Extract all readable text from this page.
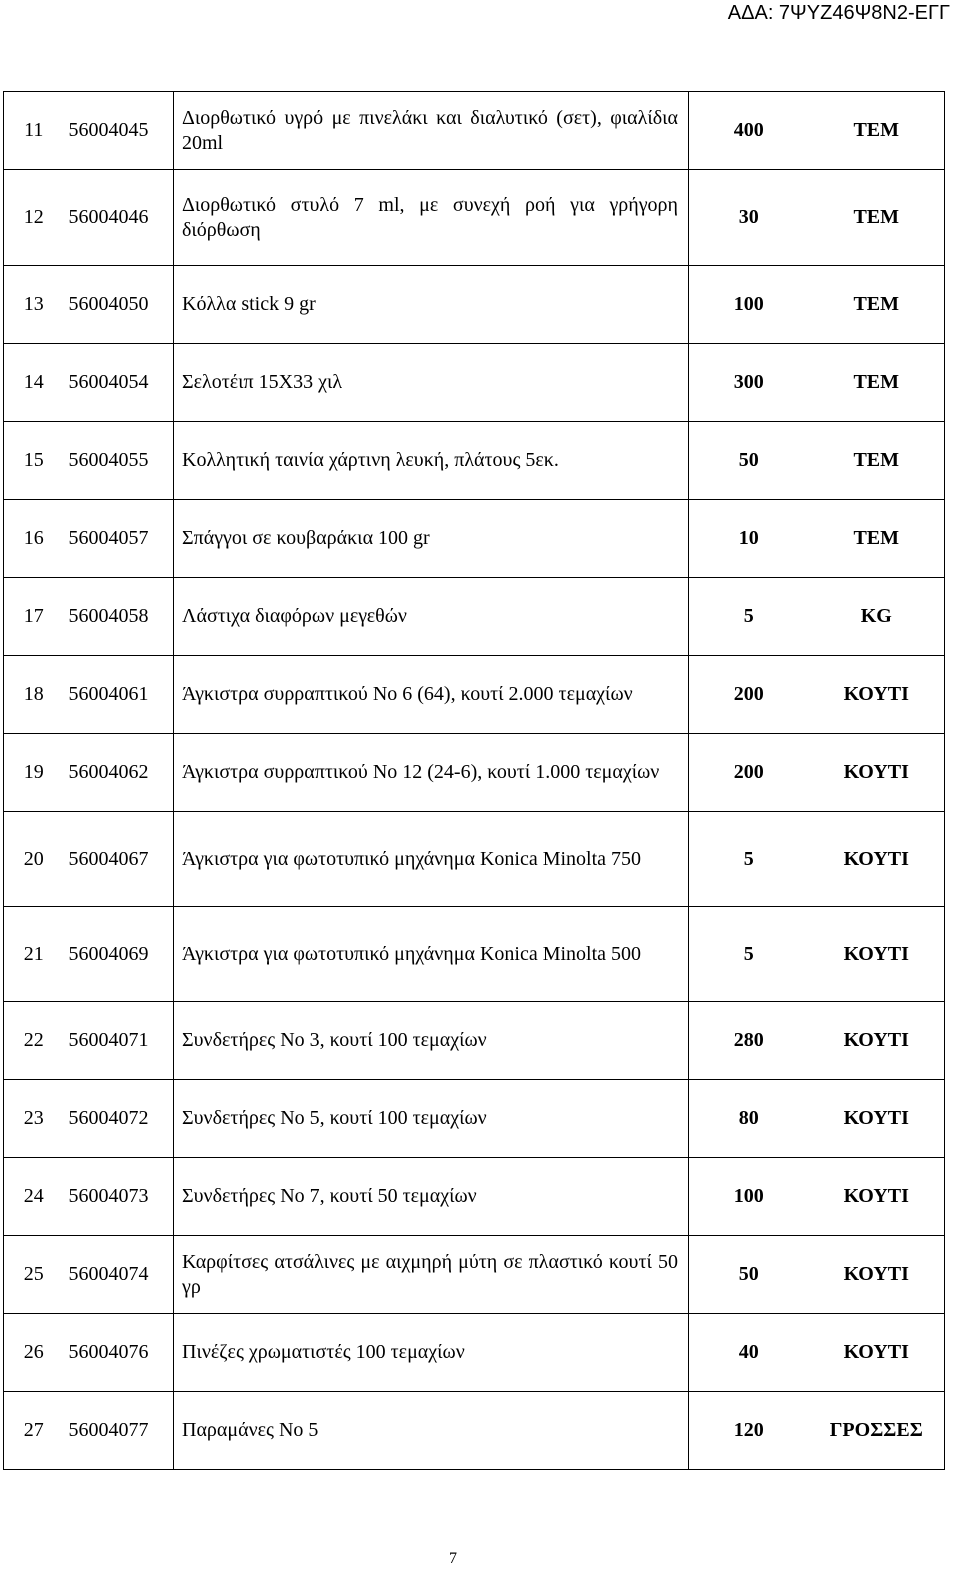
ΑΔΑ: 7ΨΥΖ46Ψ8Ν2-ΕΓΓ
11	56004045	Διορθωτικό υγρό με πινελάκι και διαλυτικό (σετ), φιαλίδια 20ml	400	ΤΕΜ
12	56004046	Διορθωτικό στυλό 7 ml, με συνεχή ροή για γρήγορη διόρθωση	30	ΤΕΜ
13	56004050	Κόλλα stick 9 gr	100	ΤΕΜ
14	56004054	Σελοτέιπ 15Χ33 χιλ	300	ΤΕΜ
15	56004055	Κολλητική ταινία χάρτινη λευκή, πλάτους 5εκ.	50	ΤΕΜ
16	56004057	Σπάγγοι σε κουβαράκια 100 gr	10	ΤΕΜ
17	56004058	Λάστιχα διαφόρων μεγεθών	5	KG
18	56004061	Άγκιστρα συρραπτικού Νο 6 (64), κουτί 2.000 τεμαχίων	200	ΚΟΥΤΙ
19	56004062	Άγκιστρα συρραπτικού Νο 12 (24-6), κουτί 1.000 τεμαχίων	200	ΚΟΥΤΙ
20	56004067	Άγκιστρα για φωτοτυπικό μηχάνημα Konica Minolta 750	5	ΚΟΥΤΙ
21	56004069	Άγκιστρα για φωτοτυπικό μηχάνημα Konica Minolta 500	5	ΚΟΥΤΙ
22	56004071	Συνδετήρες Νο 3, κουτί 100 τεμαχίων	280	ΚΟΥΤΙ
23	56004072	Συνδετήρες Νο 5, κουτί 100 τεμαχίων	80	ΚΟΥΤΙ
24	56004073	Συνδετήρες Νο 7, κουτί 50 τεμαχίων	100	ΚΟΥΤΙ
25	56004074	Καρφίτσες ατσάλινες με αιχμηρή μύτη σε πλαστικό κουτί 50 γρ	50	ΚΟΥΤΙ
26	56004076	Πινέζες χρωματιστές 100 τεμαχίων	40	ΚΟΥΤΙ
27	56004077	Παραμάνες Νο 5	120	ΓΡΟΣΣΕΣ
7
